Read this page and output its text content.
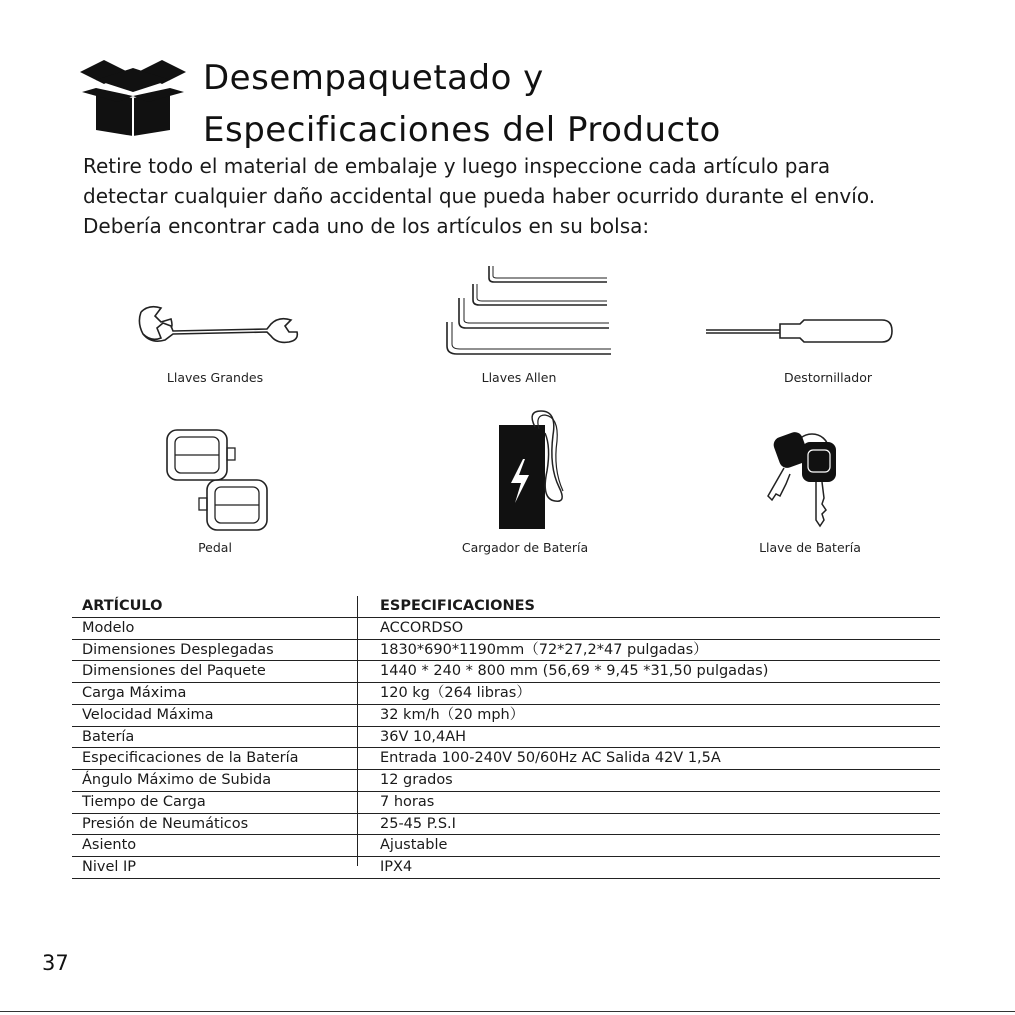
Desempaquetado y
Especificaciones del Producto

Retire todo el material de embalaje y luego inspeccione cada artículo para
detectar cualquier daño accidental que pueda haber ocurrido durante el envío.
Debería encontrar cada uno de los artículos en su bolsa:

Llaves Grandes	Llaves Allen	Destornillador
Pedal	Cargador de Batería	Llave de Batería
ARTÍCULO	ESPECIFICACIONES
Modelo	ACCORDSO
Dimensiones Desplegadas	1830*690*1190mm（72*27,2*47 pulgadas）
Dimensiones del Paquete	1440 * 240 * 800 mm (56,69 * 9,45 *31,50 pulgadas)
Carga Máxima	120 kg（264 libras）
Velocidad Máxima	32 km/h（20 mph）
Batería	36V 10,4AH
Especificaciones de la Batería	Entrada 100-240V 50/60Hz AC Salida 42V 1,5A
Ángulo Máximo de Subida	12 grados
Tiempo de Carga	7 horas
Presión de Neumáticos	25-45 P.S.I
Asiento	Ajustable
Nivel IP	IPX4
37
